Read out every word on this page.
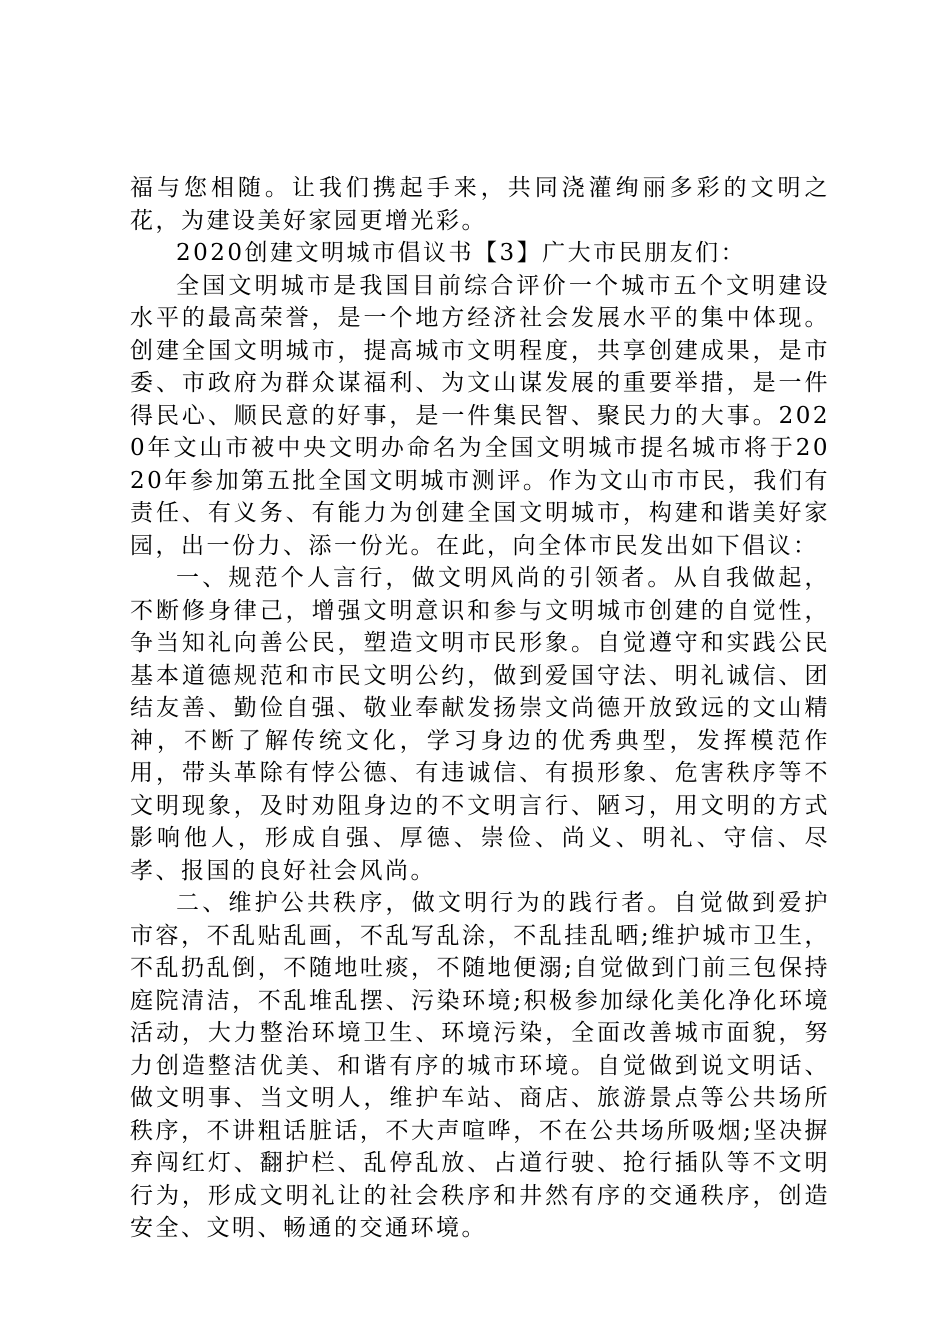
福与您相随。让我们携起手来，共同浇灌绚丽多彩的文明之花，为建设美好家园更增光彩。

2020创建文明城市倡议书【3】广大市民朋友们：

全国文明城市是我国目前综合评价一个城市五个文明建设水平的最高荣誉，是一个地方经济社会发展水平的集中体现。创建全国文明城市，提高城市文明程度，共享创建成果，是市委、市政府为群众谋福利、为文山谋发展的重要举措，是一件得民心、顺民意的好事，是一件集民智、聚民力的大事。2020年文山市被中央文明办命名为全国文明城市提名城市将于2020年参加第五批全国文明城市测评。作为文山市市民，我们有责任、有义务、有能力为创建全国文明城市，构建和谐美好家园，出一份力、添一份光。在此，向全体市民发出如下倡议：

一、规范个人言行，做文明风尚的引领者。从自我做起，不断修身律己，增强文明意识和参与文明城市创建的自觉性，争当知礼向善公民，塑造文明市民形象。自觉遵守和实践公民基本道德规范和市民文明公约，做到爱国守法、明礼诚信、团结友善、勤俭自强、敬业奉献发扬崇文尚德开放致远的文山精神，不断了解传统文化，学习身边的优秀典型，发挥模范作用，带头革除有悖公德、有违诚信、有损形象、危害秩序等不文明现象，及时劝阻身边的不文明言行、陋习，用文明的方式影响他人，形成自强、厚德、崇俭、尚义、明礼、守信、尽孝、报国的良好社会风尚。

二、维护公共秩序，做文明行为的践行者。自觉做到爱护市容，不乱贴乱画，不乱写乱涂，不乱挂乱晒;维护城市卫生，不乱扔乱倒，不随地吐痰，不随地便溺;自觉做到门前三包保持庭院清洁，不乱堆乱摆、污染环境;积极参加绿化美化净化环境活动，大力整治环境卫生、环境污染，全面改善城市面貌，努力创造整洁优美、和谐有序的城市环境。自觉做到说文明话、做文明事、当文明人，维护车站、商店、旅游景点等公共场所秩序，不讲粗话脏话，不大声喧哗，不在公共场所吸烟;坚决摒弃闯红灯、翻护栏、乱停乱放、占道行驶、抢行插队等不文明行为，形成文明礼让的社会秩序和井然有序的交通秩序，创造安全、文明、畅通的交通环境。
